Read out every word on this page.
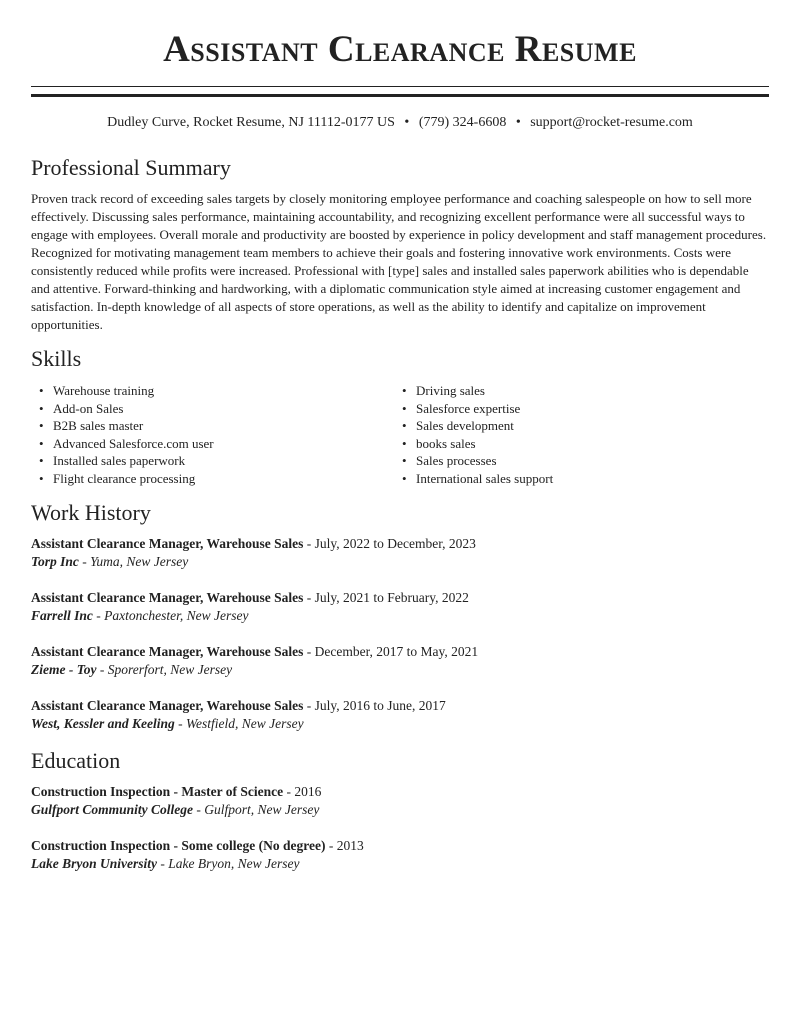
Assistant Clearance Resume
Dudley Curve, Rocket Resume, NJ 11112-0177 US • (779) 324-6608 • support@rocket-resume.com
Professional Summary
Proven track record of exceeding sales targets by closely monitoring employee performance and coaching salespeople on how to sell more effectively. Discussing sales performance, maintaining accountability, and recognizing excellent performance were all successful ways to engage with employees. Overall morale and productivity are boosted by experience in policy development and staff management procedures. Recognized for motivating management team members to achieve their goals and fostering innovative work environments. Costs were consistently reduced while profits were increased. Professional with [type] sales and installed sales paperwork abilities who is dependable and attentive. Forward-thinking and hardworking, with a diplomatic communication style aimed at increasing customer engagement and satisfaction. In-depth knowledge of all aspects of store operations, as well as the ability to identify and capitalize on improvement opportunities.
Skills
• Warehouse training
• Add-on Sales
• B2B sales master
• Advanced Salesforce.com user
• Installed sales paperwork
• Flight clearance processing
• Driving sales
• Salesforce expertise
• Sales development
• books sales
• Sales processes
• International sales support
Work History
Assistant Clearance Manager, Warehouse Sales - July, 2022 to December, 2023
Torp Inc - Yuma, New Jersey
Assistant Clearance Manager, Warehouse Sales - July, 2021 to February, 2022
Farrell Inc - Paxtonchester, New Jersey
Assistant Clearance Manager, Warehouse Sales - December, 2017 to May, 2021
Zieme - Toy - Sporerfort, New Jersey
Assistant Clearance Manager, Warehouse Sales - July, 2016 to June, 2017
West, Kessler and Keeling - Westfield, New Jersey
Education
Construction Inspection - Master of Science - 2016
Gulfport Community College - Gulfport, New Jersey
Construction Inspection - Some college (No degree) - 2013
Lake Bryon University - Lake Bryon, New Jersey
